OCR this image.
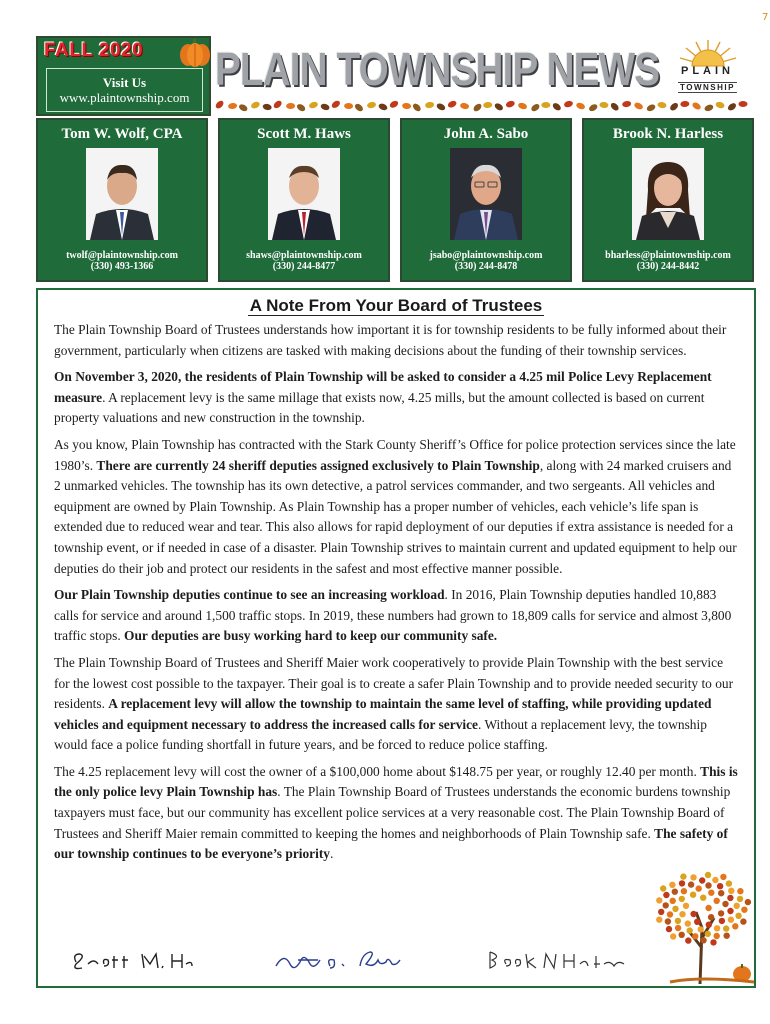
7
FALL 2020
Visit Us
www.plaintownship.com
PLAIN TOWNSHIP NEWS	PLAIN
TOWNSHIP
Tom W. Wolf, CPA
twolf@plaintownship.com
(330) 493-1366
Scott M. Haws
shaws@plaintownship.com
(330) 244-8477
John A. Sabo
jsabo@plaintownship.com
(330) 244-8478
Brook N. Harless
bharless@plaintownship.com
(330) 244-8442
A Note From Your Board of Trustees

The Plain Township Board of Trustees understands how important it is for township residents to be fully informed about their government, particularly when citizens are tasked with making decisions about the funding of their township services.

On November 3, 2020, the residents of Plain Township will be asked to consider a 4.25 mil Police Levy Replacement measure. A replacement levy is the same millage that exists now, 4.25 mills, but the amount collected is based on current property valuations and new construction in the township.

As you know, Plain Township has contracted with the Stark County Sheriff’s Office for police protection services since the late 1980’s. There are currently 24 sheriff deputies assigned exclusively to Plain Township, along with 24 marked cruisers and 2 unmarked vehicles. The township has its own detective, a patrol services commander, and two sergeants. All vehicles and equipment are owned by Plain Township. As Plain Township has a proper number of vehicles, each vehicle’s life span is extended due to reduced wear and tear. This also allows for rapid deployment of our deputies if extra assistance is needed for a township event, or if needed in case of a disaster. Plain Township strives to maintain current and updated equipment to help our deputies do their job and protect our residents in the safest and most effective manner possible.

Our Plain Township deputies continue to see an increasing workload. In 2016, Plain Township deputies handled 10,883 calls for service and around 1,500 traffic stops. In 2019, these numbers had grown to 18,809 calls for service and almost 3,800 traffic stops. Our deputies are busy working hard to keep our community safe.

The Plain Township Board of Trustees and Sheriff Maier work cooperatively to provide Plain Township with the best service for the lowest cost possible to the taxpayer. Their goal is to create a safer Plain Township and to provide needed security to our residents. A replacement levy will allow the township to maintain the same level of staffing, while providing updated vehicles and equipment necessary to address the increased calls for service. Without a replacement levy, the township would face a police funding shortfall in future years, and be forced to reduce police staffing.

The 4.25 replacement levy will cost the owner of a $100,000 home about $148.75 per year, or roughly 12.40 per month. This is the only police levy Plain Township has. The Plain Township Board of Trustees understands the economic burdens township taxpayers must face, but our community has excellent police services at a very reasonable cost. The Plain Township Board of Trustees and Sheriff Maier remain committed to keeping the homes and neighborhoods of Plain Township safe. The safety of our township continues to be everyone’s priority.
